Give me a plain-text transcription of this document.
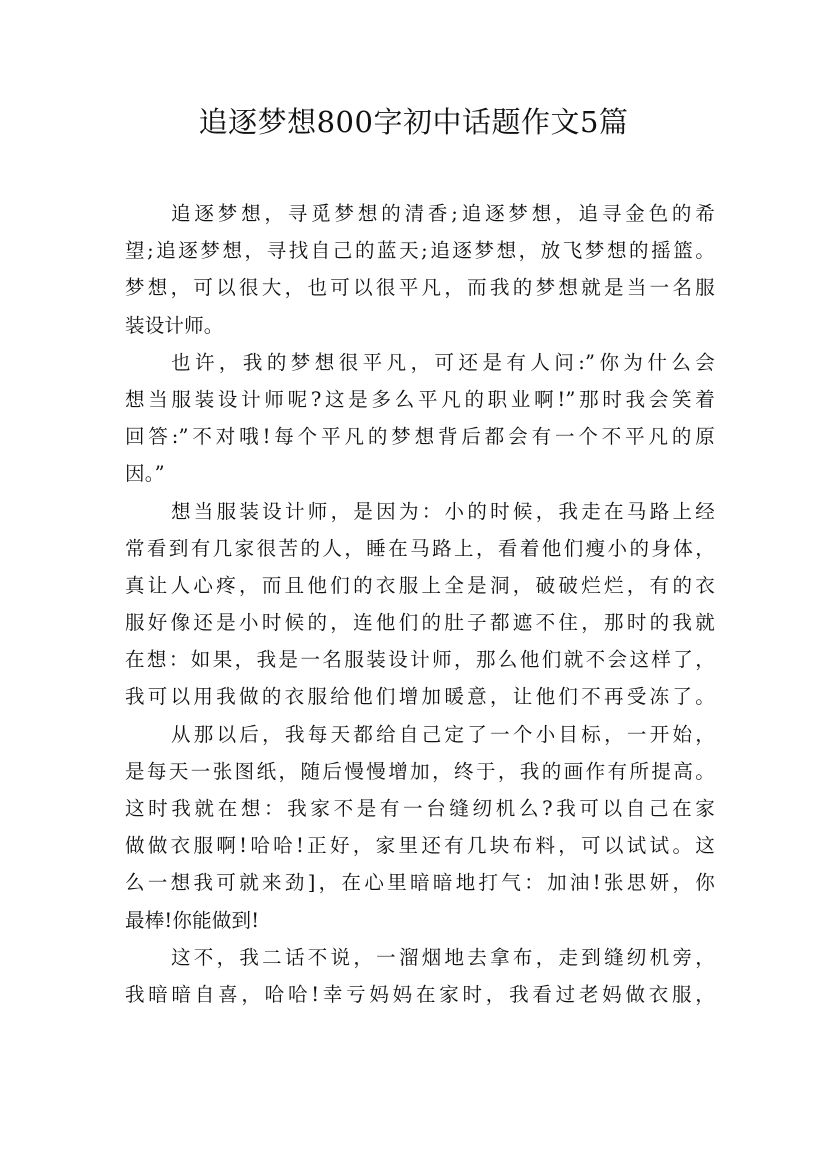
追逐梦想800字初中话题作文5篇
追逐梦想，寻觅梦想的清香;追逐梦想，追寻金色的希
望;追逐梦想，寻找自己的蓝天;追逐梦想，放飞梦想的摇篮。
梦想，可以很大，也可以很平凡，而我的梦想就是当一名服
装设计师。
也许，我的梦想很平凡，可还是有人问:”你为什么会
想当服装设计师呢?这是多么平凡的职业啊!”那时我会笑着
回答:”不对哦!每个平凡的梦想背后都会有一个不平凡的原
因。”
想当服装设计师，是因为：小的时候，我走在马路上经
常看到有几家很苦的人，睡在马路上，看着他们瘦小的身体，
真让人心疼，而且他们的衣服上全是洞，破破烂烂，有的衣
服好像还是小时候的，连他们的肚子都遮不住，那时的我就
在想：如果，我是一名服装设计师，那么他们就不会这样了，
我可以用我做的衣服给他们增加暖意，让他们不再受冻了。
从那以后，我每天都给自己定了一个小目标，一开始，
是每天一张图纸，随后慢慢增加，终于，我的画作有所提高。
这时我就在想：我家不是有一台缝纫机么?我可以自己在家
做做衣服啊!哈哈!正好，家里还有几块布料，可以试试。这
么一想我可就来劲]，在心里暗暗地打气：加油!张思妍，你
最棒!你能做到!
这不，我二话不说，一溜烟地去拿布，走到缝纫机旁，
我暗暗自喜，哈哈!幸亏妈妈在家时，我看过老妈做衣服，
